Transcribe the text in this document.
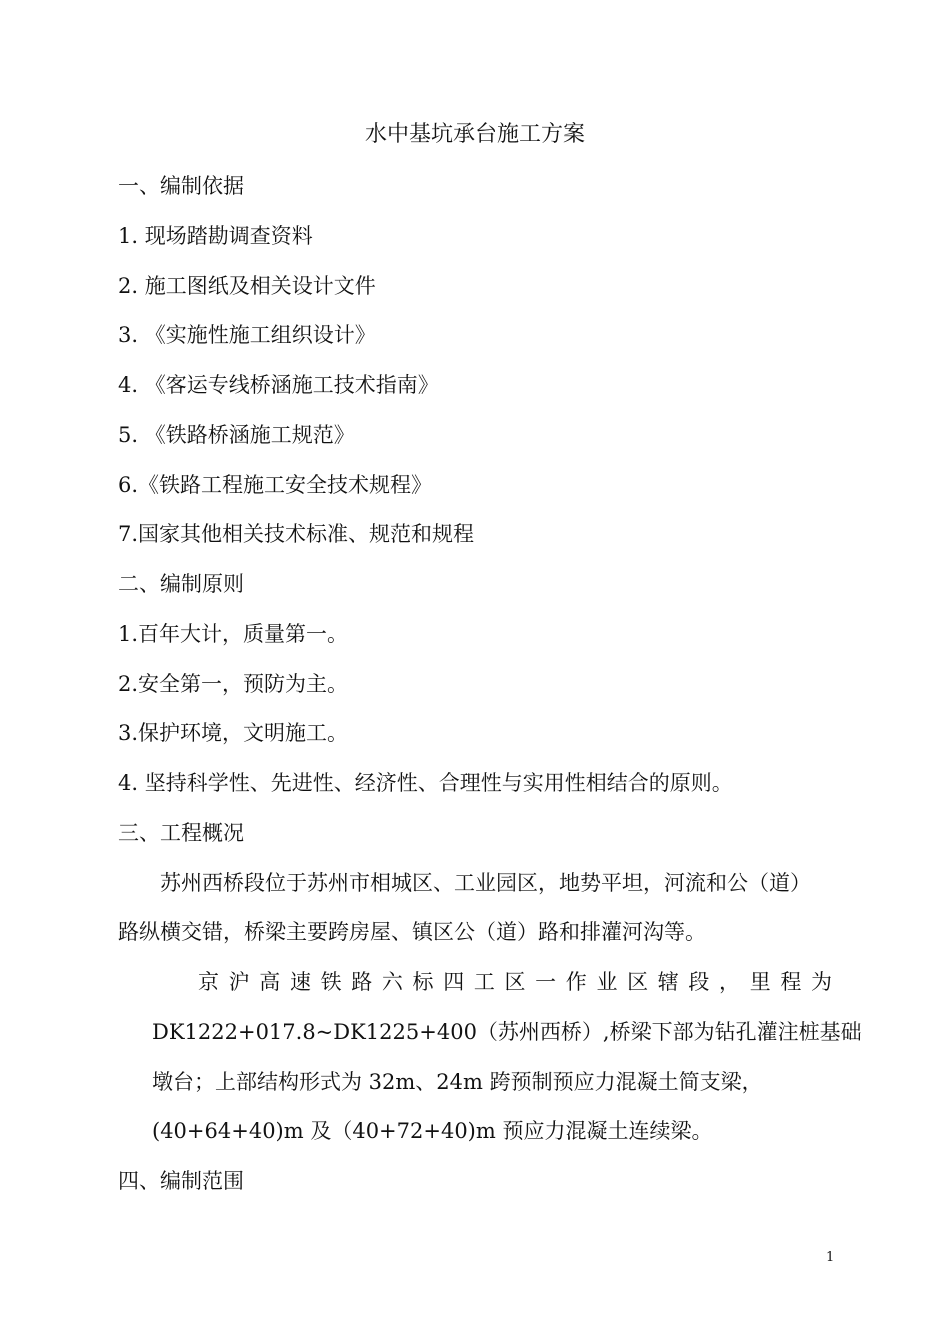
水中基坑承台施工方案
一、编制依据
1. 现场踏勘调查资料
2. 施工图纸及相关设计文件
3. 《实施性施工组织设计》
4. 《客运专线桥涵施工技术指南》
5. 《铁路桥涵施工规范》
6.《铁路工程施工安全技术规程》
7.国家其他相关技术标准、规范和规程
二、编制原则
1.百年大计，质量第一。
2.安全第一，预防为主。
3.保护环境，文明施工。
4. 坚持科学性、先进性、经济性、合理性与实用性相结合的原则。
三、工程概况
苏州西桥段位于苏州市相城区、工业园区，地势平坦，河流和公（道）
路纵横交错，桥梁主要跨房屋、镇区公（道）路和排灌河沟等。
京沪高速铁路六标四工区一作业区辖段，里程为
DK1222+017.8~DK1225+400（苏州西桥）,桥梁下部为钻孔灌注桩基础
墩台；上部结构形式为 32m、24m 跨预制预应力混凝土简支梁，
(40+64+40)m 及（40+72+40)m 预应力混凝土连续梁。
四、编制范围
1
